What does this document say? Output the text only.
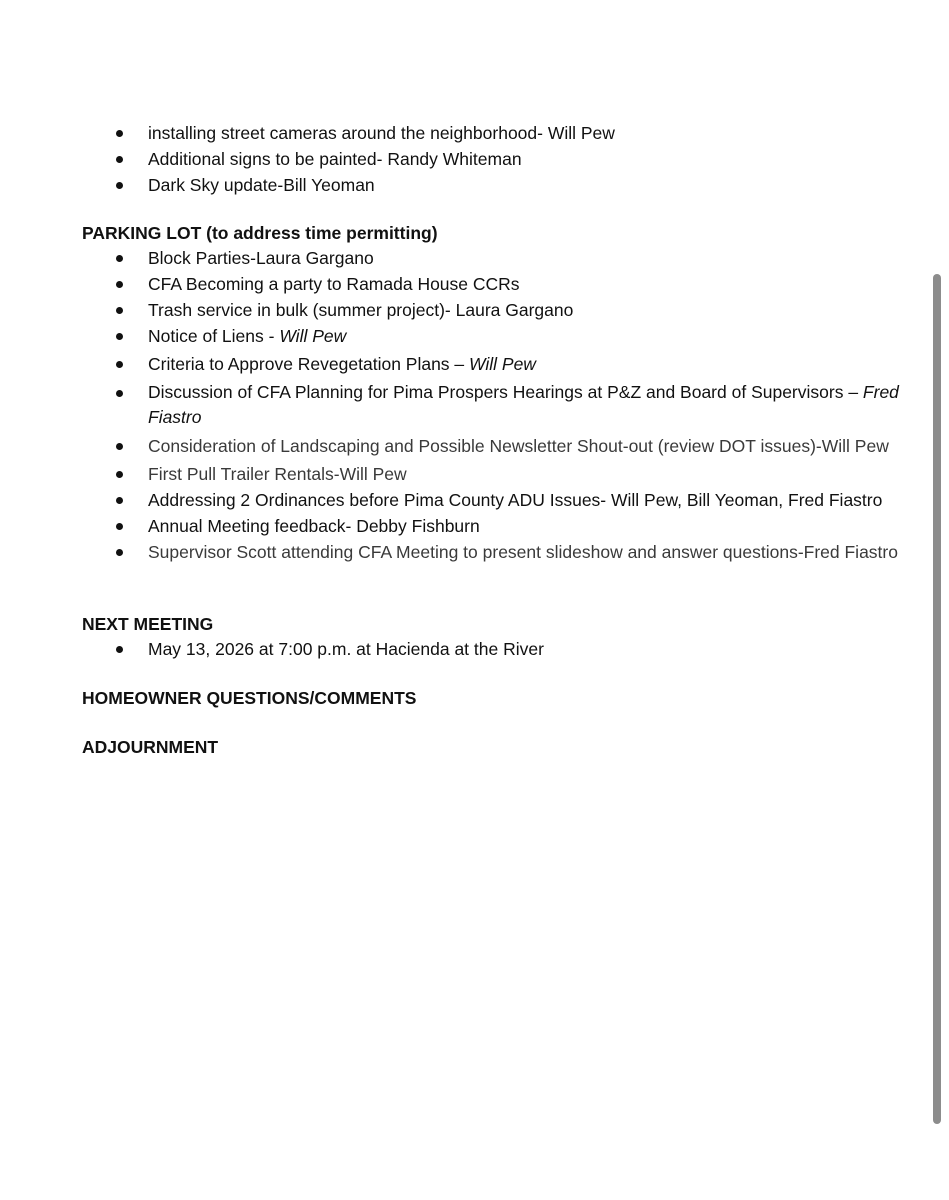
installing street cameras around the neighborhood- Will Pew
Additional signs to be painted- Randy Whiteman
Dark Sky update-Bill Yeoman

PARKING LOT (to address time permitting)

Block Parties-Laura Gargano
CFA Becoming a party to Ramada House CCRs
Trash service in bulk (summer project)- Laura Gargano
Notice of Liens - Will Pew
Criteria to Approve Revegetation Plans – Will Pew
Discussion of CFA Planning for Pima Prospers Hearings at P&Z and Board of Supervisors – Fred Fiastro
Consideration of Landscaping and Possible Newsletter Shout-out (review DOT issues)-Will Pew
First Pull Trailer Rentals-Will Pew
Addressing 2 Ordinances before Pima County ADU Issues- Will Pew, Bill Yeoman, Fred Fiastro
Annual Meeting feedback- Debby Fishburn
Supervisor Scott attending CFA Meeting to present slideshow and answer questions-Fred Fiastro

NEXT MEETING

May 13, 2026 at 7:00 p.m. at Hacienda at the River

HOMEOWNER QUESTIONS/COMMENTS

ADJOURNMENT
